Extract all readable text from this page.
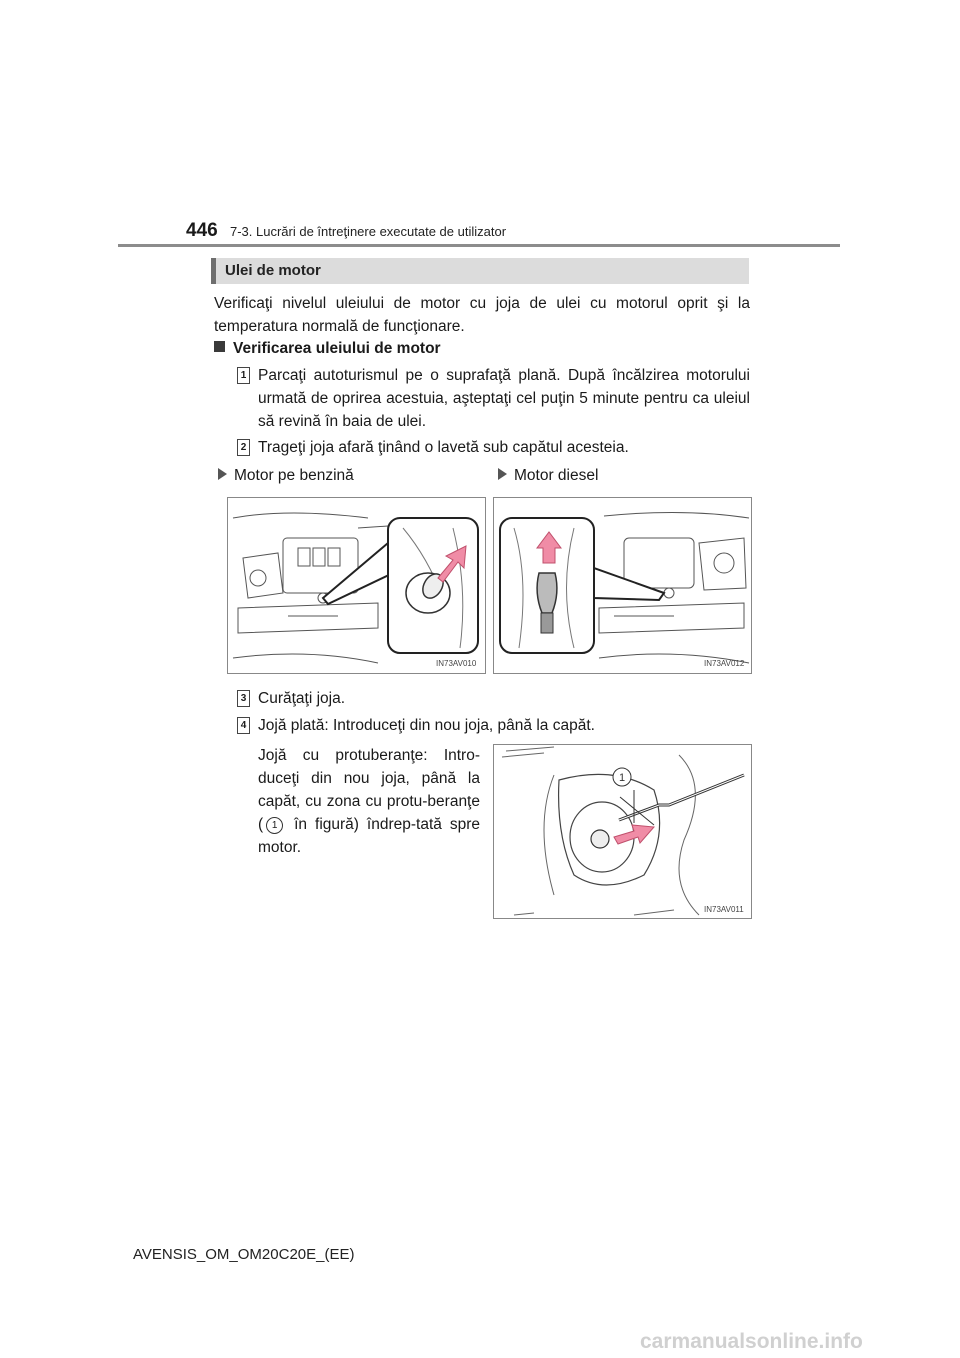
446 7-3. Lucrări de întreţinere executate de utilizator
Ulei de motor
Verificaţi nivelul uleiului de motor cu joja de ulei cu motorul oprit şi la temperatura normală de funcţionare.
Verificarea uleiului de motor
1 Parcaţi autoturismul pe o suprafaţă plană. După încălzirea motorului urmată de oprirea acestuia, aşteptaţi cel puţin 5 minute pentru ca uleiul să revină în baia de ulei.
2 Trageţi joja afară ţinând o lavetă sub capătul acesteia.
Motor pe benzină	Motor diesel
IN73AV010	IN73AV012
3 Curăţaţi joja.
4 Jojă plată: Introduceţi din nou joja, până la capăt.
Jojă cu protuberanţe: Intro-duceţi din nou joja, până la capăt, cu zona cu protu-beranţe ( 1 în figură) îndrep-tată spre motor.
1
IN73AV011
AVENSIS_OM_OM20C20E_(EE)
carmanualsonline.info
